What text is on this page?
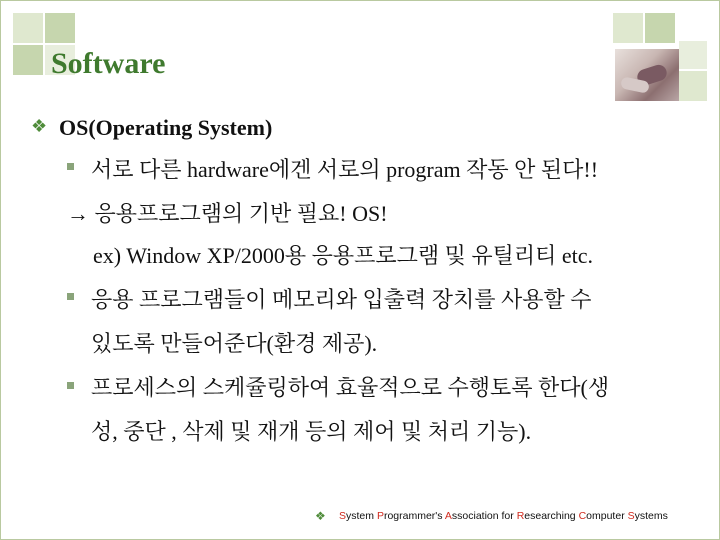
Software
❖ OS(Operating System)
서로 다른 hardware에겐 서로의 program 작동 안 된다!!
→ 응용프로그램의 기반 필요! OS!
ex) Window XP/2000용 응용프로그램 및 유틸리티 etc.
응용 프로그램들이 메모리와 입출력 장치를 사용할 수
있도록 만들어준다(환경 제공).
프로세스의 스케쥴링하여 효율적으로 수행토록 한다(생
성, 중단 , 삭제 및 재개 등의 제어 및 처리 기능).
❖ System Programmer's Association for Researching Computer Systems
